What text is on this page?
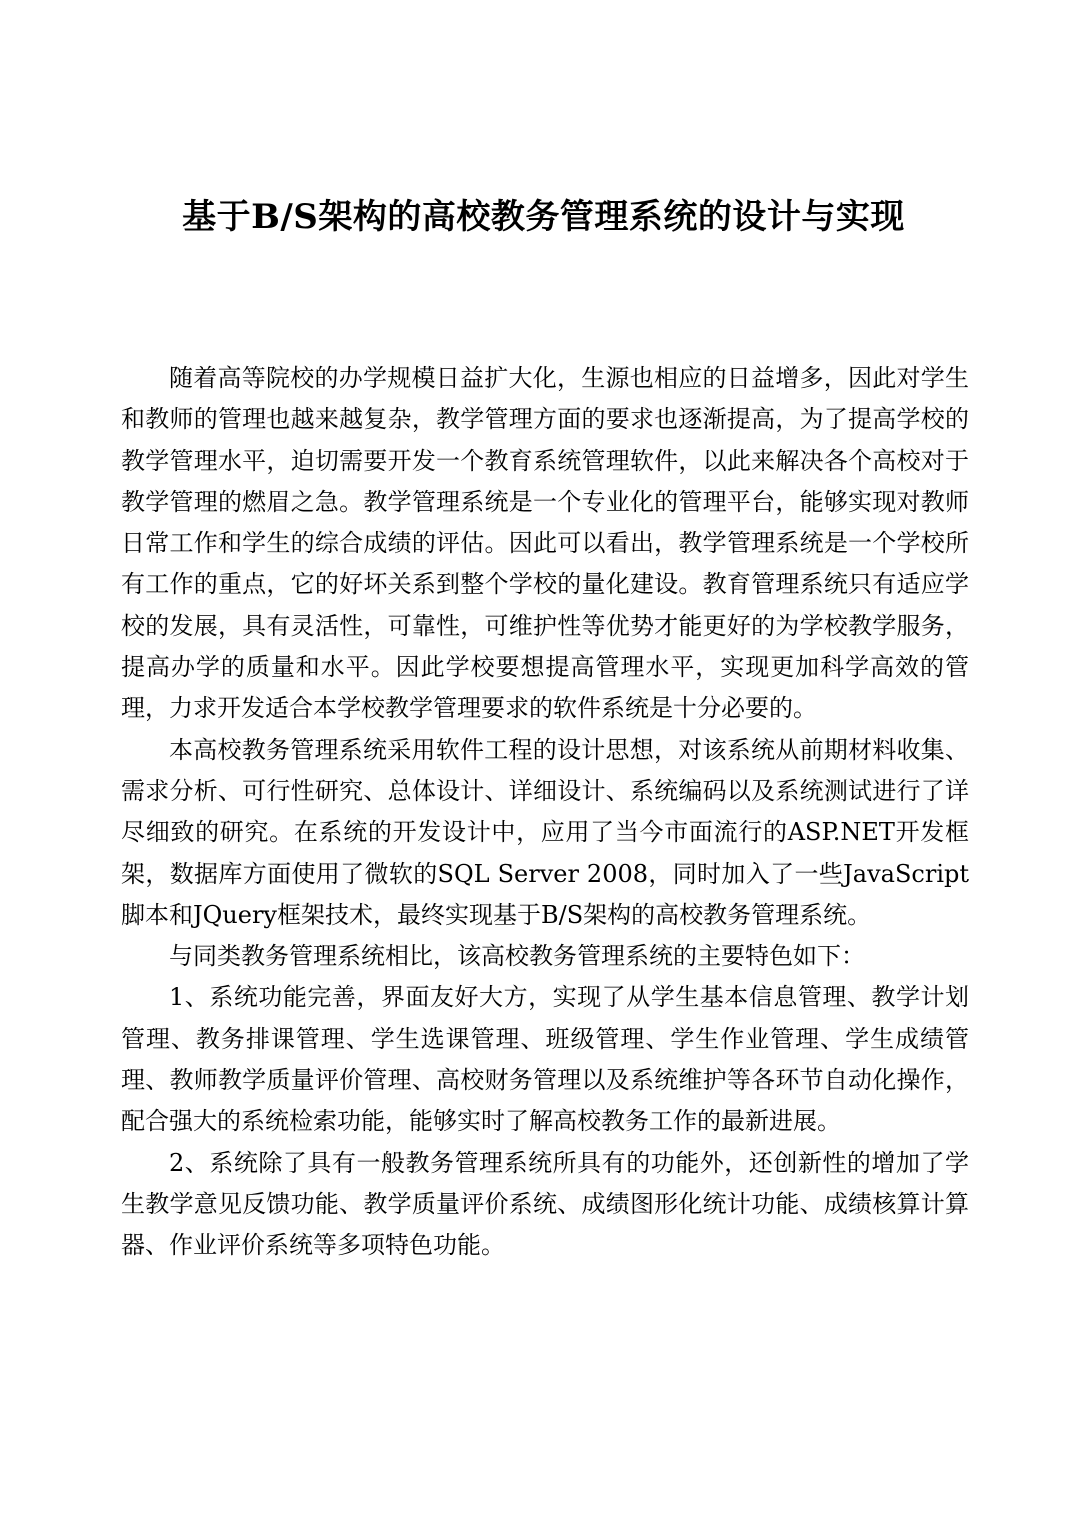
基于B/S架构的高校教务管理系统的设计与实现

随着高等院校的办学规模日益扩大化，生源也相应的日益增多，因此对学生和教师的管理也越来越复杂，教学管理方面的要求也逐渐提高，为了提高学校的教学管理水平，迫切需要开发一个教育系统管理软件，以此来解决各个高校对于教学管理的燃眉之急。教学管理系统是一个专业化的管理平台，能够实现对教师日常工作和学生的综合成绩的评估。因此可以看出，教学管理系统是一个学校所有工作的重点，它的好坏关系到整个学校的量化建设。教育管理系统只有适应学校的发展，具有灵活性，可靠性，可维护性等优势才能更好的为学校教学服务，提高办学的质量和水平。因此学校要想提高管理水平，实现更加科学高效的管理，力求开发适合本学校教学管理要求的软件系统是十分必要的。

本高校教务管理系统采用软件工程的设计思想，对该系统从前期材料收集、需求分析、可行性研究、总体设计、详细设计、系统编码以及系统测试进行了详尽细致的研究。在系统的开发设计中，应用了当今市面流行的ASP.NET开发框架，数据库方面使用了微软的SQL Server 2008，同时加入了一些JavaScript脚本和JQuery框架技术，最终实现基于B/S架构的高校教务管理系统。

与同类教务管理系统相比，该高校教务管理系统的主要特色如下：

1、系统功能完善，界面友好大方，实现了从学生基本信息管理、教学计划管理、教务排课管理、学生选课管理、班级管理、学生作业管理、学生成绩管理、教师教学质量评价管理、高校财务管理以及系统维护等各环节自动化操作，配合强大的系统检索功能，能够实时了解高校教务工作的最新进展。

2、系统除了具有一般教务管理系统所具有的功能外，还创新性的增加了学生教学意见反馈功能、教学质量评价系统、成绩图形化统计功能、成绩核算计算器、作业评价系统等多项特色功能。
